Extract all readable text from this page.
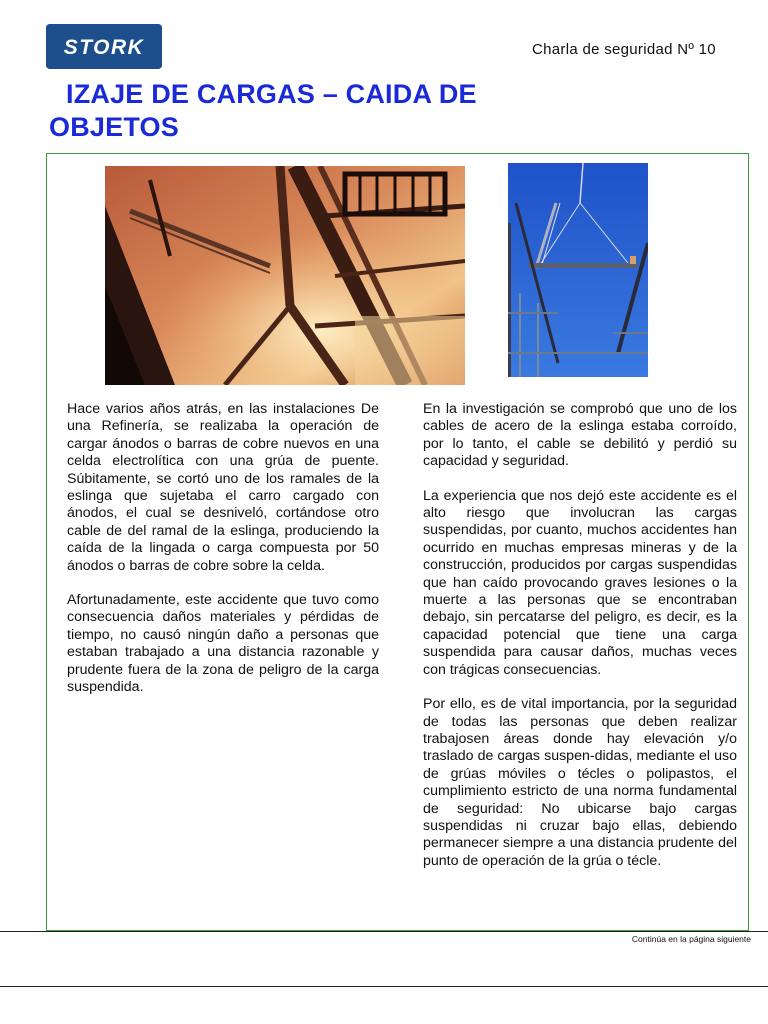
STORK	Charla de seguridad Nº 10
IZAJE DE CARGAS – CAIDA DE
OBJETOS

Hace varios años atrás, en las instalaciones De una Refinería, se realizaba la operación de cargar ánodos o barras de cobre nuevos en una celda electrolítica con una grúa de puente. Súbitamente, se cortó uno de los ramales de la eslinga que sujetaba el carro cargado con ánodos, el cual se desniveló, cortándose otro cable de del ramal de la eslinga, produciendo la caída de la lingada o carga compuesta por 50 ánodos o barras de cobre sobre la celda.

Afortunadamente, este accidente que tuvo como consecuencia daños materiales y pérdidas de tiempo, no causó ningún daño a personas que estaban trabajado a una distancia razonable y prudente fuera de la zona de peligro de la carga suspendida.

En la investigación se comprobó que uno de los cables de acero de la eslinga estaba corroído, por lo tanto, el cable se debilitó y perdió su capacidad y seguridad.

La experiencia que nos dejó este accidente es el alto riesgo que involucran las cargas suspendidas, por cuanto, muchos accidentes han ocurrido en muchas empresas mineras y de la construcción, producidos por cargas suspendidas que han caído provocando graves lesiones o la muerte a las personas que se encontraban debajo, sin percatarse del peligro, es decir, es la capacidad potencial que tiene una carga suspendida para causar daños, muchas veces con trágicas consecuencias.

Por ello, es de vital importancia, por la seguridad de todas las personas que deben realizar trabajosen áreas donde hay elevación y/o traslado de cargas suspen-didas, mediante el uso de grúas móviles o técles o polipastos, el cumplimiento estricto de una norma fundamental de seguridad: No ubicarse bajo cargas suspendidas ni cruzar bajo ellas, debiendo permanecer siempre a una distancia prudente del punto de operación de la grúa o técle.

Continúa en la página siguiente
